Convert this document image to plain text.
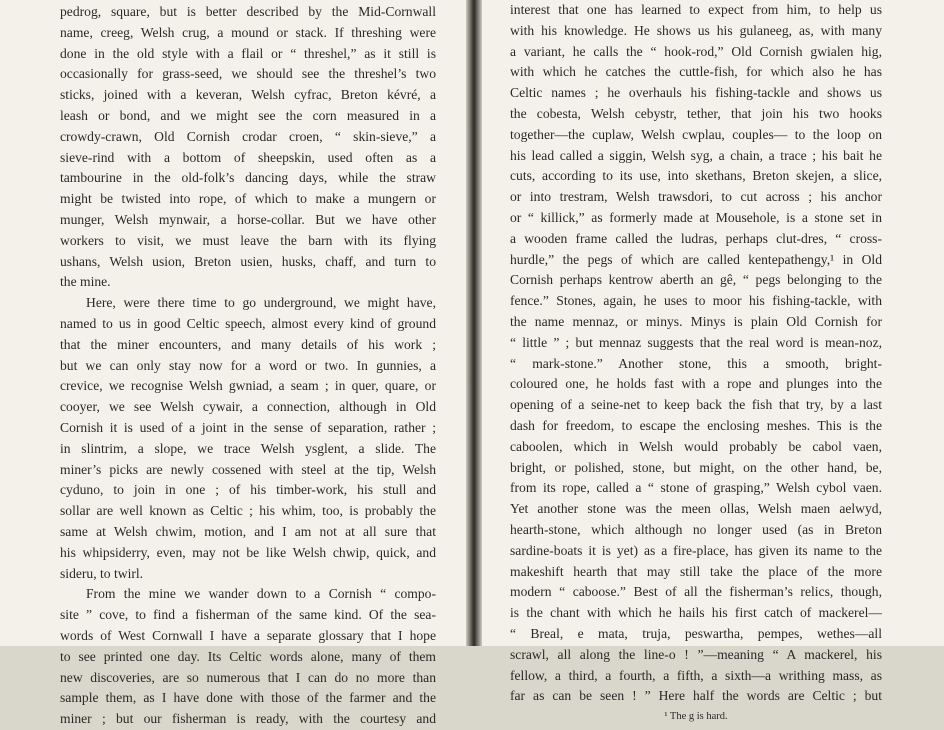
pedrog, square, but is better described by the Mid-Cornwall
name, creeg, Welsh crug, a mound or stack. If threshing were
done in the old style with a flail or “ threshel,” as it still is
occasionally for grass-seed, we should see the threshel’s two
sticks, joined with a keveran, Welsh cyfrac, Breton kévré, a
leash or bond, and we might see the corn measured in a
crowdy-crawn, Old Cornish crodar croen, “ skin-sieve,” a
sieve-rind with a bottom of sheepskin, used often as a
tambourine in the old-folk’s dancing days, while the straw
might be twisted into rope, of which to make a mungern or
munger, Welsh mynwair, a horse-collar. But we have other
workers to visit, we must leave the barn with its flying
ushans, Welsh usion, Breton usien, husks, chaff, and turn to
the mine.
Here, were there time to go underground, we might have,
named to us in good Celtic speech, almost every kind of ground
that the miner encounters, and many details of his work ;
but we can only stay now for a word or two. In gunnies, a
crevice, we recognise Welsh gwniad, a seam ; in quer, quare, or
cooyer, we see Welsh cywair, a connection, although in Old
Cornish it is used of a joint in the sense of separation, rather ;
in slintrim, a slope, we trace Welsh ysglent, a slide. The
miner’s picks are newly cossened with steel at the tip, Welsh
cyduno, to join in one ; of his timber-work, his stull and
sollar are well known as Celtic ; his whim, too, is probably the
same at Welsh chwim, motion, and I am not at all sure that
his whipsiderry, even, may not be like Welsh chwip, quick, and
sideru, to twirl.
From the mine we wander down to a Cornish “ compo-
site ” cove, to find a fisherman of the same kind. Of the sea-
words of West Cornwall I have a separate glossary that I hope
to see printed one day. Its Celtic words alone, many of them
new discoveries, are so numerous that I can do no more than
sample them, as I have done with those of the farmer and the
miner ; but our fisherman is ready, with the courtesy and
interest that one has learned to expect from him, to help us
with his knowledge. He shows us his gulaneeg, as, with many
a variant, he calls the “ hook-rod,” Old Cornish gwialen hig,
with which he catches the cuttle-fish, for which also he has
Celtic names ; he overhauls his fishing-tackle and shows us
the cobesta, Welsh cebystr, tether, that join his two hooks
together—the cuplaw, Welsh cwplau, couples— to the loop on
his lead called a siggin, Welsh syg, a chain, a trace ; his bait he
cuts, according to its use, into skethans, Breton skejen, a slice,
or into trestram, Welsh trawsdori, to cut across ; his anchor
or “ killick,” as formerly made at Mousehole, is a stone set in
a wooden frame called the ludras, perhaps clut-dres, “ cross-
hurdle,” the pegs of which are called kentepathengy,¹ in Old
Cornish perhaps kentrow aberth an gê, “ pegs belonging to the
fence.” Stones, again, he uses to moor his fishing-tackle, with
the name mennaz, or minys. Minys is plain Old Cornish for
“ little ” ; but mennaz suggests that the real word is mean-noz,
“ mark-stone.” Another stone, this a smooth, bright-
coloured one, he holds fast with a rope and plunges into the
opening of a seine-net to keep back the fish that try, by a last
dash for freedom, to escape the enclosing meshes. This is the
caboolen, which in Welsh would probably be cabol vaen,
bright, or polished, stone, but might, on the other hand, be,
from its rope, called a “ stone of grasping,” Welsh cybol vaen.
Yet another stone was the meen ollas, Welsh maen aelwyd,
hearth-stone, which although no longer used (as in Breton
sardine-boats it is yet) as a fire-place, has given its name to the
makeshift hearth that may still take the place of the more
modern “ caboose.” Best of all the fisherman’s relics, though,
is the chant with which he hails his first catch of mackerel—
“ Breal, e mata, truja, peswartha, pempes, wethes—all
scrawl, all along the line-o ! ”—meaning “ A mackerel, his
fellow, a third, a fourth, a fifth, a sixth—a writhing mass, as
far as can be seen ! ” Here half the words are Celtic ; but
¹ The g is hard.
